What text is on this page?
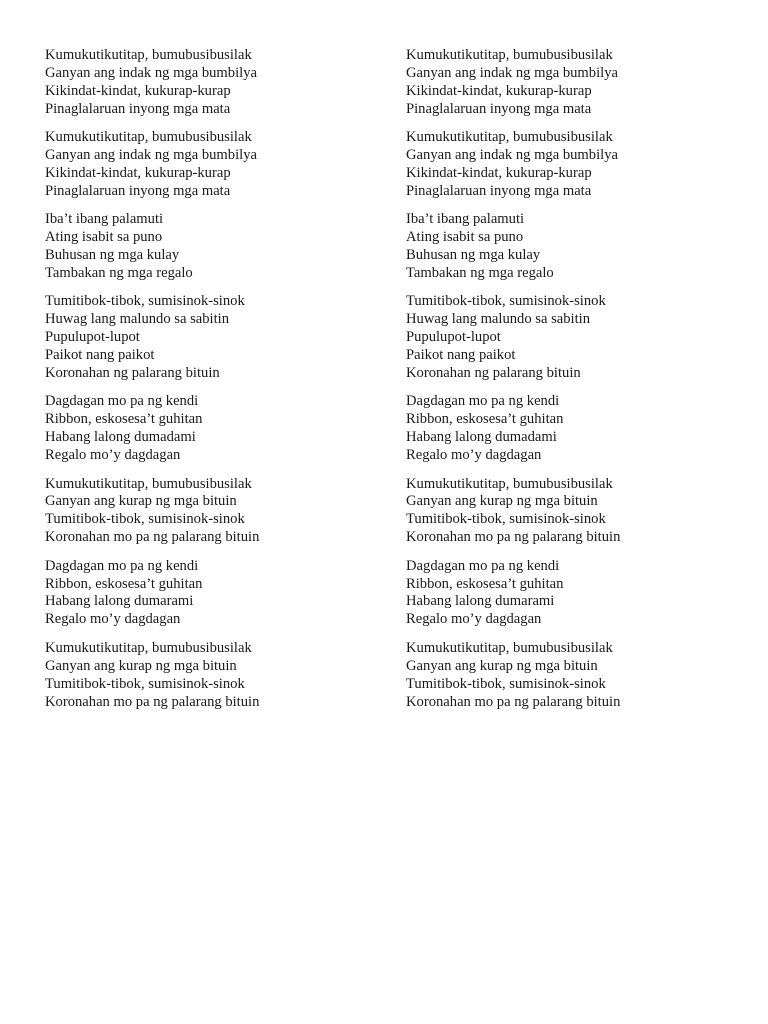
Kumukutikutitap, bumubusibusilak
Ganyan ang indak ng mga bumbilya
Kikindat-kindat, kukurap-kurap
Pinaglalaruan inyong mga mata
Kumukutikutitap, bumubusibusilak
Ganyan ang indak ng mga bumbilya
Kikindat-kindat, kukurap-kurap
Pinaglalaruan inyong mga mata
Iba’t ibang palamuti
Ating isabit sa puno
Buhusan ng mga kulay
Tambakan ng mga regalo
Tumitibok-tibok, sumisinok-sinok
Huwag lang malundo sa sabitin
Pupulupot-lupot
Paikot nang paikot
Koronahan ng palarang bituin
Dagdagan mo pa ng kendi
Ribbon, eskosesa’t guhitan
Habang lalong dumadami
Regalo mo’y dagdagan
Kumukutikutitap, bumubusibusilak
Ganyan ang kurap ng mga bituin
Tumitibok-tibok, sumisinok-sinok
Koronahan mo pa ng palarang bituin
Dagdagan mo pa ng kendi
Ribbon, eskosesa’t guhitan
Habang lalong dumarami
Regalo mo’y dagdagan
Kumukutikutitap, bumubusibusilak
Ganyan ang kurap ng mga bituin
Tumitibok-tibok, sumisinok-sinok
Koronahan mo pa ng palarang bituin
Kumukutikutitap, bumubusibusilak
Ganyan ang indak ng mga bumbilya
Kikindat-kindat, kukurap-kurap
Pinaglalaruan inyong mga mata
Kumukutikutitap, bumubusibusilak
Ganyan ang indak ng mga bumbilya
Kikindat-kindat, kukurap-kurap
Pinaglalaruan inyong mga mata
Iba’t ibang palamuti
Ating isabit sa puno
Buhusan ng mga kulay
Tambakan ng mga regalo
Tumitibok-tibok, sumisinok-sinok
Huwag lang malundo sa sabitin
Pupulupot-lupot
Paikot nang paikot
Koronahan ng palarang bituin
Dagdagan mo pa ng kendi
Ribbon, eskosesa’t guhitan
Habang lalong dumadami
Regalo mo’y dagdagan
Kumukutikutitap, bumubusibusilak
Ganyan ang kurap ng mga bituin
Tumitibok-tibok, sumisinok-sinok
Koronahan mo pa ng palarang bituin
Dagdagan mo pa ng kendi
Ribbon, eskosesa’t guhitan
Habang lalong dumarami
Regalo mo’y dagdagan
Kumukutikutitap, bumubusibusilak
Ganyan ang kurap ng mga bituin
Tumitibok-tibok, sumisinok-sinok
Koronahan mo pa ng palarang bituin
